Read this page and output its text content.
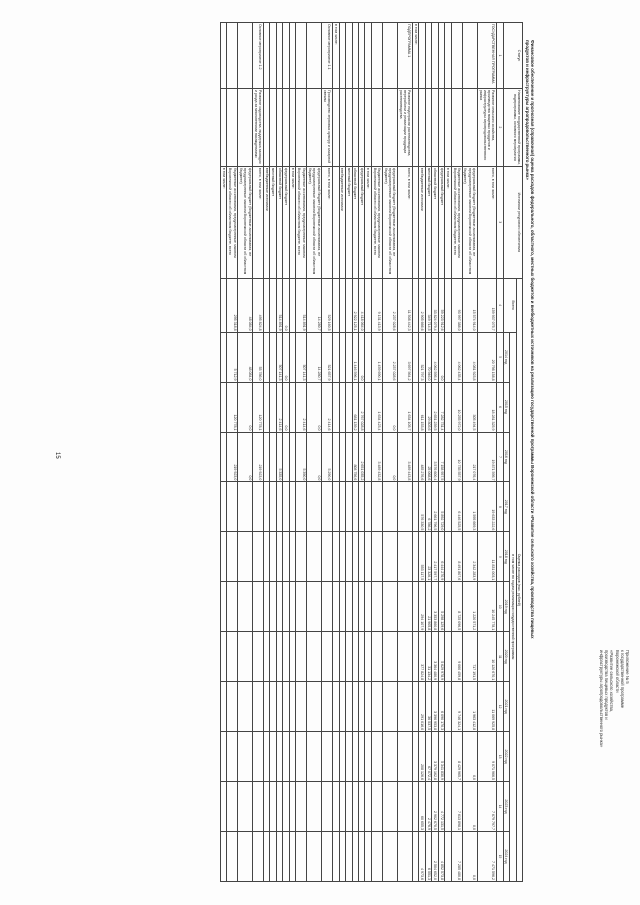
15
Приложение № 5
к государственной программе
Воронежской области
«Развитие сельского хозяйства,
производства пищевых продуктов и
инфраструктуры агропродовольственного рынка»
Финансовое обеспечение и прогнозная (справочная) оценка расходов федерального, областного, местных бюджетов и внебюджетных источников на реализацию государственной программы Воронежской области «Развитие сельского хозяйства, производства пищевых продуктов и инфраструктуры агропродовольственного рынка»
Статус	Наименование государственной программы, подпрограммы, основного мероприятия	Источники ресурсного обеспечения	Оценка расходов (тыс. рублей)											
			Всего	в том числе по годам реализации государственной программы										
				2014 год	2015 год	2016 год	2017 год	2018 год	2019 год	2020 год	2021 год	2022 год	2023 год	2024 год
1	2	3	4	5	6	7	8	9	10	11	12	13	14	15
ГОСУДАРСТВЕННАЯ ПРОГРАММА	Развитие сельского хозяйства, производства пищевых продуктов и инфраструктуры агропродовольственного рынка	всего, в том числе:	159 937 075,7	20 798 158,8	18 281 325,9	19 871 595,7	19 633 222,6	11 831 003,1	10 245 778,1	10 120 670,1	11 069 925,8	9 071 966,5	7 679 797,7	7 471 596,2
		федеральный бюджет (бюджетные ассигнования, не предусмотренные законом Воронежской области об областном бюджете)	15 574 914,0	4 081 923,8	305 494,5	217 076,4	1 595 669,3	2 342 283,9	1 220 571,2	717 191,5	1 963 412,8	0,0	0,0	0,0
		бюджетные ассигнования, предусмотренные законом Воронежской области об областном бюджете, всего	93 997 388,0	4 062 435,4	10 255 972,0	10 735 557,9	6 446 525,5	8 491 807,6	8 725 096,5	9 060 459,8	9 746 324,1	8 429 965,7	7 613 898,1	7 285 480,8
		в том числе:												
		федеральный бюджет	59 223 912,6	0,0	7 282 731,4	7 158 957,5	5 892 729,0	6 444 270,9	5 298 129,6	5 629 978,9	6 090 170,3	5 341 830,9	4 772 131,5	4 852 573,8
		областной бюджет	33 824 079,4	4 062 595,4	2 651 239,5	3 576 600,4	2 661 796,5	2 417 597,7	3 353 860,8	3 364 480,9	3 396 953,8	3 379 162,8	2 902 670,5	2 504 652,0
		местный бюджет	349 714,5	70 946,0	29 803,6	25 068,6	6 786,2	23 326,1	21 905,8	31 134,2	36 537,5	67 072,4	2 476,9	6 551,3
		внебюджетные источники	2 905 666,6	521 797,3	611 153,8	485 276,6	576 330,5	553 117,5	294 107,9	377 824,8	291 016,0	208 126,6	60 655,3	4 973,6
в том числе:														
ПОДПРОГРАММА 1	Развитие подотрасли растениеводства, переработки и реализации продукции растениеводства	всего, в том числе:	11 508 442,3	3 697 564,2	1 634 105,7	3 489 443,8								
		федеральный бюджет (бюджетные ассигнования, не предусмотренные законом Воронежской области об областном бюджете)	2 237 028,6	2 237 028,6	0,0	0,0								
		бюджетные ассигнования, предусмотренные законом Воронежской области об областном бюджете, всего	9 131 413,9	1 459 690,1	1 634 423,4	3 489 432,8								
		в том числе:												
		федеральный бюджет	4 418 064,0	0,0	2 767 028,8	2 651 035,2								
		областной бюджет	2 922 125,1	1 446 596,1	681 139,2	808 756,6								
		местный бюджет												
		внебюджетные источники												
в том числе:														
Основное мероприятие 1.1	Производство зерновых культур и сахарной свеклы	всего, в том числе:	529 160,5	521 657,9	2 414,6	5 290,0								
		федеральный бюджет (бюджетные ассигнования, не предусмотренные законом Воронежской области об областном бюджете)	14 280,7	14 280,7	0,0	0,0								
		бюджетные ассигнования, предусмотренные законом Воронежской области об областном бюджете, всего	514 891,9	507 141,3	2 414,6	5 390,0								
		в том числе:												
		федеральный бюджет	0,0	0,0	0,0									
		областной бюджет	514 891,9	507 141,3	2 414,6	5 335,0								
		местный бюджет												
		внебюджетные источники												
Основное мероприятие 1.2	Развитие садоводства, поддержка закладки и ухода за многолетними насаждениями	всего, в том числе:	495 824,8	53 786,0	120 778,1	219 923,0								
		федеральный бюджет (бюджетные ассигнования, не предусмотренные законом Воронежской области об областном бюджете)	48 084,0	48 084,0	0,0	0,0								
		бюджетные ассигнования, предусмотренные законом Воронежской области об областном бюджете, всего	295 318,8	5 712,9	120 778,1	219 923,0								
		в том числе:												
